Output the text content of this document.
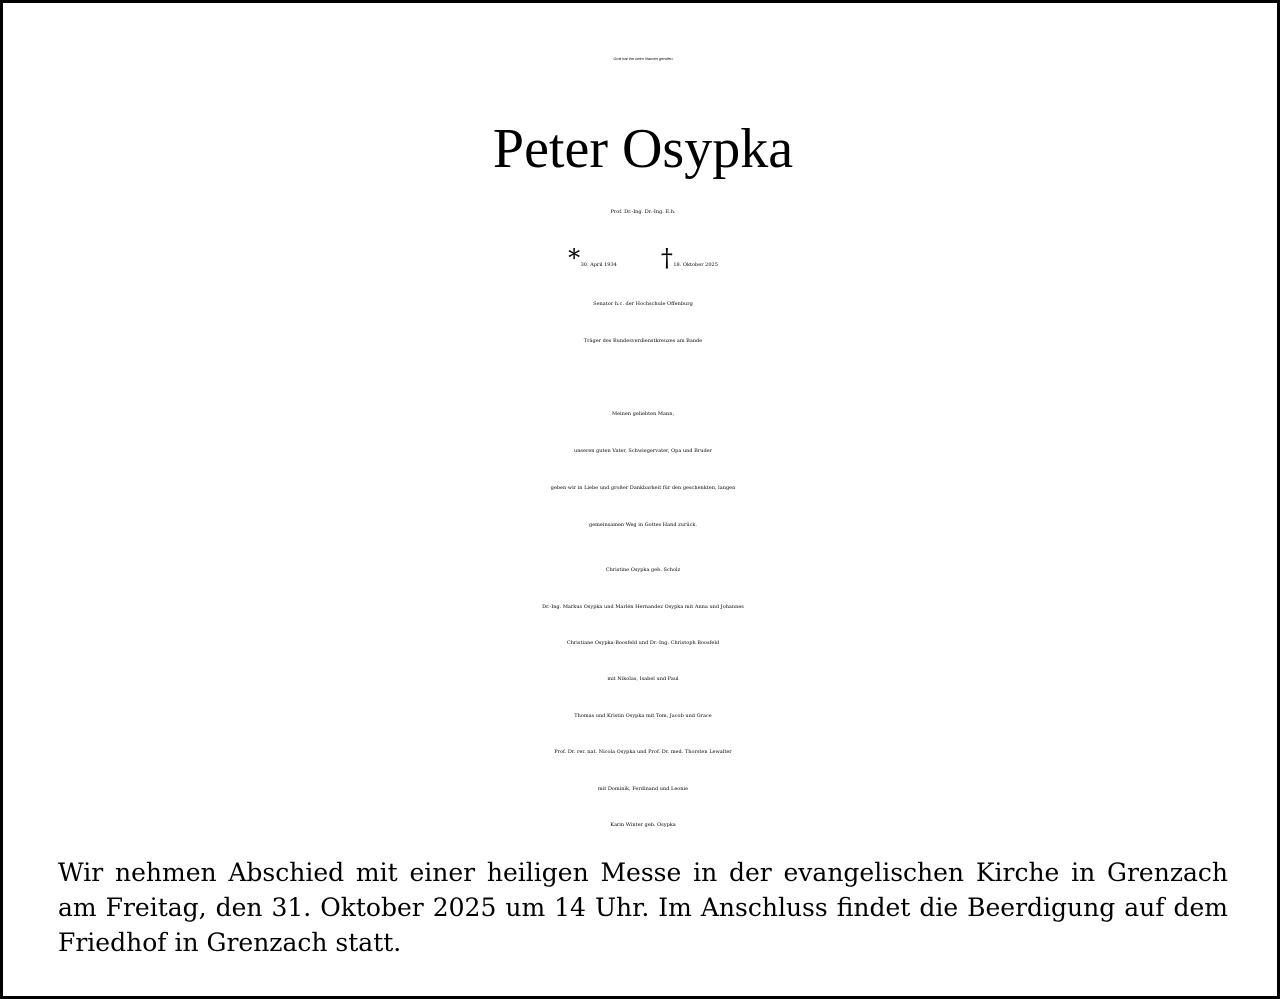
Gott hat ihn beim Namen gerufen

Peter Osypka

Prof. Dr.-Ing. Dr.-Ing. E.h.

* 30. April 1934 † 18. Oktober 2025

Senator h.c. der Hochschule Offenburg

Träger des Bundesverdienstkreuzes am Bande

Meinen geliebten Mann,

unseren guten Vater, Schwiegervater, Opa und Bruder

geben wir in Liebe und großer Dankbarkeit für den geschenkten, langen

gemeinsamen Weg in Gottes Hand zurück.

Christine Osypka geb. Scholz

Dr.-Ing. Markus Osypka und Marlén Hernandez Osypka mit Anna und Johannes

Christiane Osypka-Boosfeld und Dr.-Ing. Christoph Boosfeld

mit Nikolas, Isabel und Paul

Thomas und Kristin Osypka mit Tom, Jacob und Grace

Prof. Dr. rer. nat. Nicola Osypka und Prof. Dr. med. Thorsten Lewalter

mit Dominik, Ferdinand und Leonie

Karin Winter geb. Osypka

Wir nehmen Abschied mit einer heiligen Messe in der evangelischen Kirche in Grenzach am Freitag, den 31. Oktober 2025 um 14 Uhr. Im Anschluss findet die Beerdigung auf dem Friedhof in Grenzach statt.
